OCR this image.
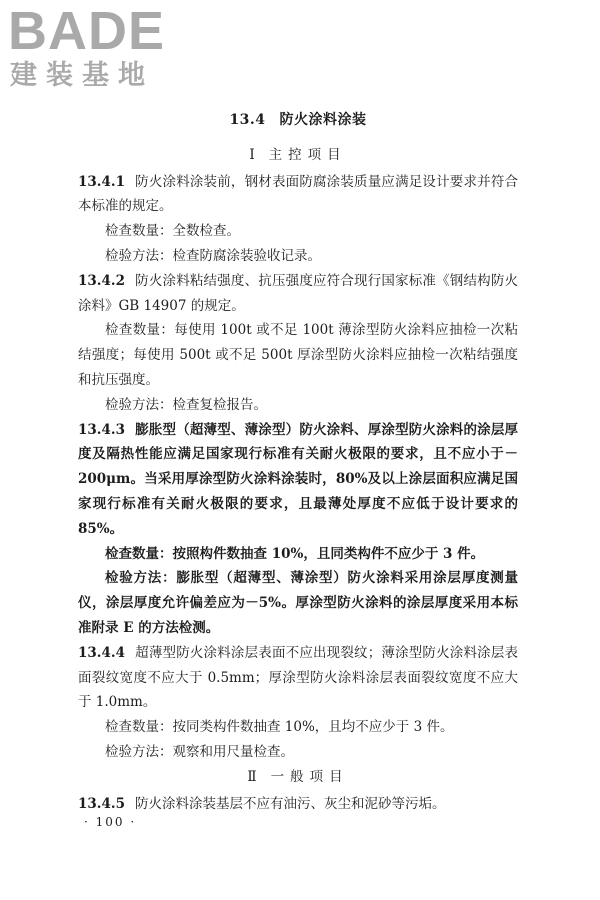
BADE
建装基地
13.4 防火涂料涂装
Ⅰ 主控项目

13.4.1 防火涂料涂装前，钢材表面防腐涂装质量应满足设计要求并符合本标准的规定。

检查数量：全数检查。

检验方法：检查防腐涂装验收记录。

13.4.2 防火涂料粘结强度、抗压强度应符合现行国家标准《钢结构防火涂料》GB 14907 的规定。

检查数量：每使用 100t 或不足 100t 薄涂型防火涂料应抽检一次粘结强度；每使用 500t 或不足 500t 厚涂型防火涂料应抽检一次粘结强度和抗压强度。

检验方法：检查复检报告。

13.4.3 膨胀型（超薄型、薄涂型）防火涂料、厚涂型防火涂料的涂层厚度及隔热性能应满足国家现行标准有关耐火极限的要求，且不应小于－200μm。当采用厚涂型防火涂料涂装时，80%及以上涂层面积应满足国家现行标准有关耐火极限的要求，且最薄处厚度不应低于设计要求的 85%。

检查数量：按照构件数抽查 10%，且同类构件不应少于 3 件。

检验方法：膨胀型（超薄型、薄涂型）防火涂料采用涂层厚度测量仪，涂层厚度允许偏差应为－5%。厚涂型防火涂料的涂层厚度采用本标准附录 E 的方法检测。

13.4.4 超薄型防火涂料涂层表面不应出现裂纹；薄涂型防火涂料涂层表面裂纹宽度不应大于 0.5mm；厚涂型防火涂料涂层表面裂纹宽度不应大于 1.0mm。

检查数量：按同类构件数抽查 10%，且均不应少于 3 件。

检验方法：观察和用尺量检查。

Ⅱ 一般项目

13.4.5 防火涂料涂装基层不应有油污、灰尘和泥砂等污垢。

· 100 ·
